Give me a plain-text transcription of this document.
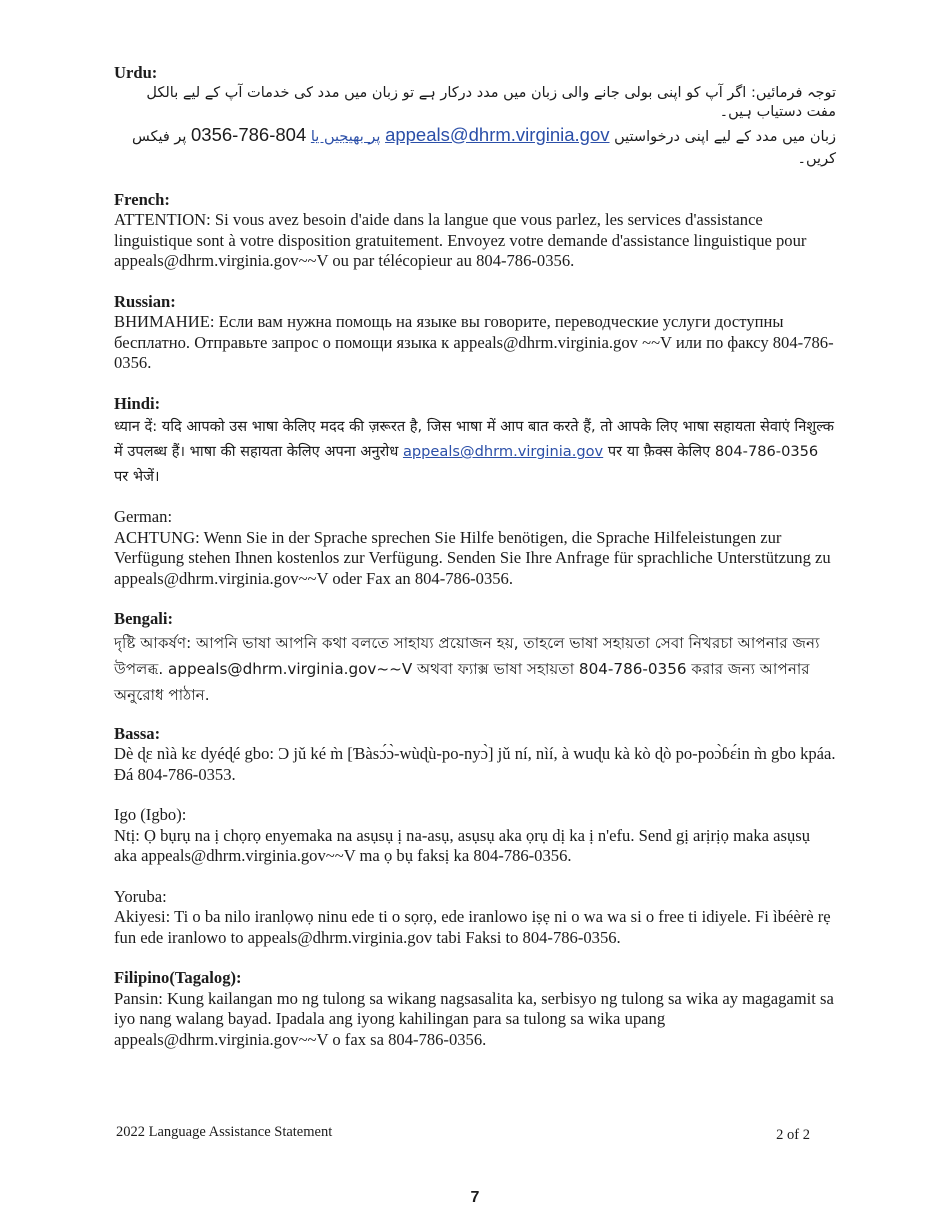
Urdu:

توجہ فرمائیں: اگر آپ کو اپنی بولی جانے والی زبان میں مدد درکار ہے تو زبان میں مدد کی خدمات آپ کے لیے بالکل مفت دستیاب ہیں۔

زبان میں مدد کے لیے اپنی درخواستیں appeals@dhrm.virginia.gov پر بھیجیں یا 804-786-0356 پر فیکس کریں۔

French:

ATTENTION: Si vous avez besoin d'aide dans la langue que vous parlez, les services d'assistance linguistique sont à votre disposition gratuitement. Envoyez votre demande d'assistance linguistique pour appeals@dhrm.virginia.gov~~V ou par télécopieur au 804-786-0356.

Russian:

ВНИМАНИЕ: Если вам нужна помощь на языке вы говорите, переводческие услуги доступны бесплатно. Отправьте запрос о помощи языка к appeals@dhrm.virginia.gov ~~V или по факсу 804-786-0356.

Hindi:

ध्यान दें: यदि आपको उस भाषा केलिए मदद की ज़रूरत है, जिस भाषा में आप बात करते हैं, तो आपके लिए भाषा सहायता सेवाएं निशुल्क में उपलब्ध हैं। भाषा की सहायता केलिए अपना अनुरोध appeals@dhrm.virginia.gov पर या फ़ैक्स केलिए 804-786-0356 पर भेजें।

German:

ACHTUNG: Wenn Sie in der Sprache sprechen Sie Hilfe benötigen, die Sprache Hilfeleistungen zur Verfügung stehen Ihnen kostenlos zur Verfügung. Senden Sie Ihre Anfrage für sprachliche Unterstützung zu appeals@dhrm.virginia.gov~~V oder Fax an 804-786-0356.

Bengali:

দৃষ্টি আকর্ষণ: আপনি ভাষা আপনি কথা বলতে সাহায্য প্রয়োজন হয়, তাহলে ভাষা সহায়তা সেবা নিখরচা আপনার জন্য উপলব্ধ. appeals@dhrm.virginia.gov~~V অথবা ফ্যাক্স ভাষা সহায়তা 804-786-0356 করার জন্য আপনার অনুরোধ পাঠান.

Bassa:

Dè ɖɛ nìà kɛ dyéɖé gbo: Ɔ jǔ ké m̀ [Ɓàsɔ́ɔ̀-wùɖù-po-nyɔ̀] jǔ ní, nìí, à wuɖu kà kò ɖò po-poɔ̀ɓɛ́in m̀ gbo kpáa. Ɖá 804-786-0353.

Igo (Igbo):

Ntị: Ọ bụrụ na ị chọrọ enyemaka na asụsụ ị na-asụ, asụsụ aka ọrụ dị ka ị n'efu. Send gị arịrịọ maka asụsụ aka appeals@dhrm.virginia.gov~~V ma ọ bụ faksị ka 804-786-0356.

Yoruba:

Akiyesi: Ti o ba nilo iranlọwọ ninu ede ti o sọrọ, ede iranlowo iṣẹ ni o wa wa si o free ti idiyele. Fi ìbéèrè rẹ fun ede iranlowo to appeals@dhrm.virginia.gov tabi Faksi to 804-786-0356.

Filipino(Tagalog):

Pansin: Kung kailangan mo ng tulong sa wikang nagsasalita ka, serbisyo ng tulong sa wika ay magagamit sa iyo nang walang bayad. Ipadala ang iyong kahilingan para sa tulong sa wika upang appeals@dhrm.virginia.gov~~V o fax sa 804-786-0356.

2022 Language Assistance Statement	2 of 2
7
